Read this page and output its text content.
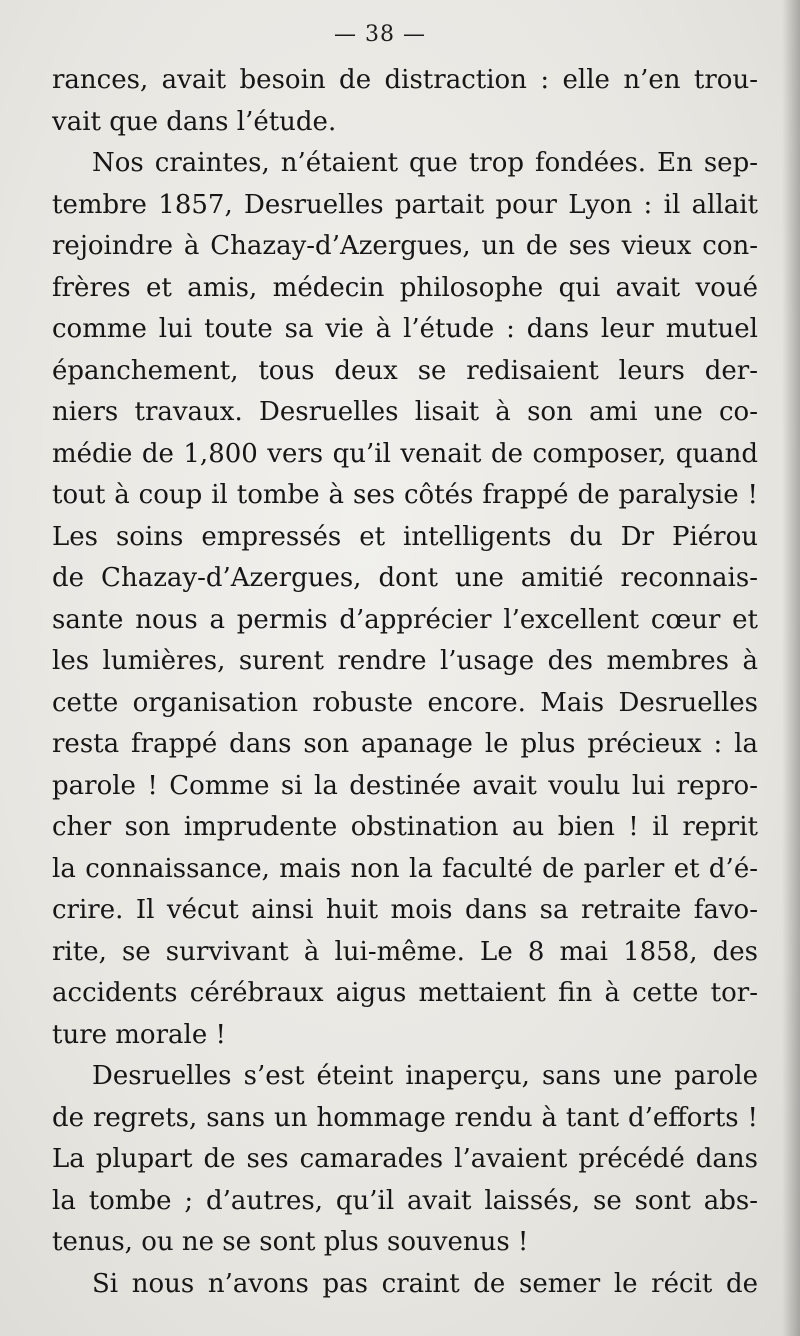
— 38 —
rances, avait besoin de distraction : elle n’en trou-
vait que dans l’étude.
Nos craintes, n’étaient que trop fondées. En sep-
tembre 1857, Desruelles partait pour Lyon : il allait
rejoindre à Chazay-d’Azergues, un de ses vieux con-
frères et amis, médecin philosophe qui avait voué
comme lui toute sa vie à l’étude : dans leur mutuel
épanchement, tous deux se redisaient leurs der-
niers travaux. Desruelles lisait à son ami une co-
médie de 1,800 vers qu’il venait de composer, quand
tout à coup il tombe à ses côtés frappé de paralysie !
Les soins empressés et intelligents du Dr Piérou
de Chazay-d’Azergues, dont une amitié reconnais-
sante nous a permis d’apprécier l’excellent cœur et
les lumières, surent rendre l’usage des membres à
cette organisation robuste encore. Mais Desruelles
resta frappé dans son apanage le plus précieux : la
parole ! Comme si la destinée avait voulu lui repro-
cher son imprudente obstination au bien ! il reprit
la connaissance, mais non la faculté de parler et d’é-
crire. Il vécut ainsi huit mois dans sa retraite favo-
rite, se survivant à lui-même. Le 8 mai 1858, des
accidents cérébraux aigus mettaient fin à cette tor-
ture morale !
Desruelles s’est éteint inaperçu, sans une parole
de regrets, sans un hommage rendu à tant d’efforts !
La plupart de ses camarades l’avaient précédé dans
la tombe ; d’autres, qu’il avait laissés, se sont abs-
tenus, ou ne se sont plus souvenus !
Si nous n’avons pas craint de semer le récit de
